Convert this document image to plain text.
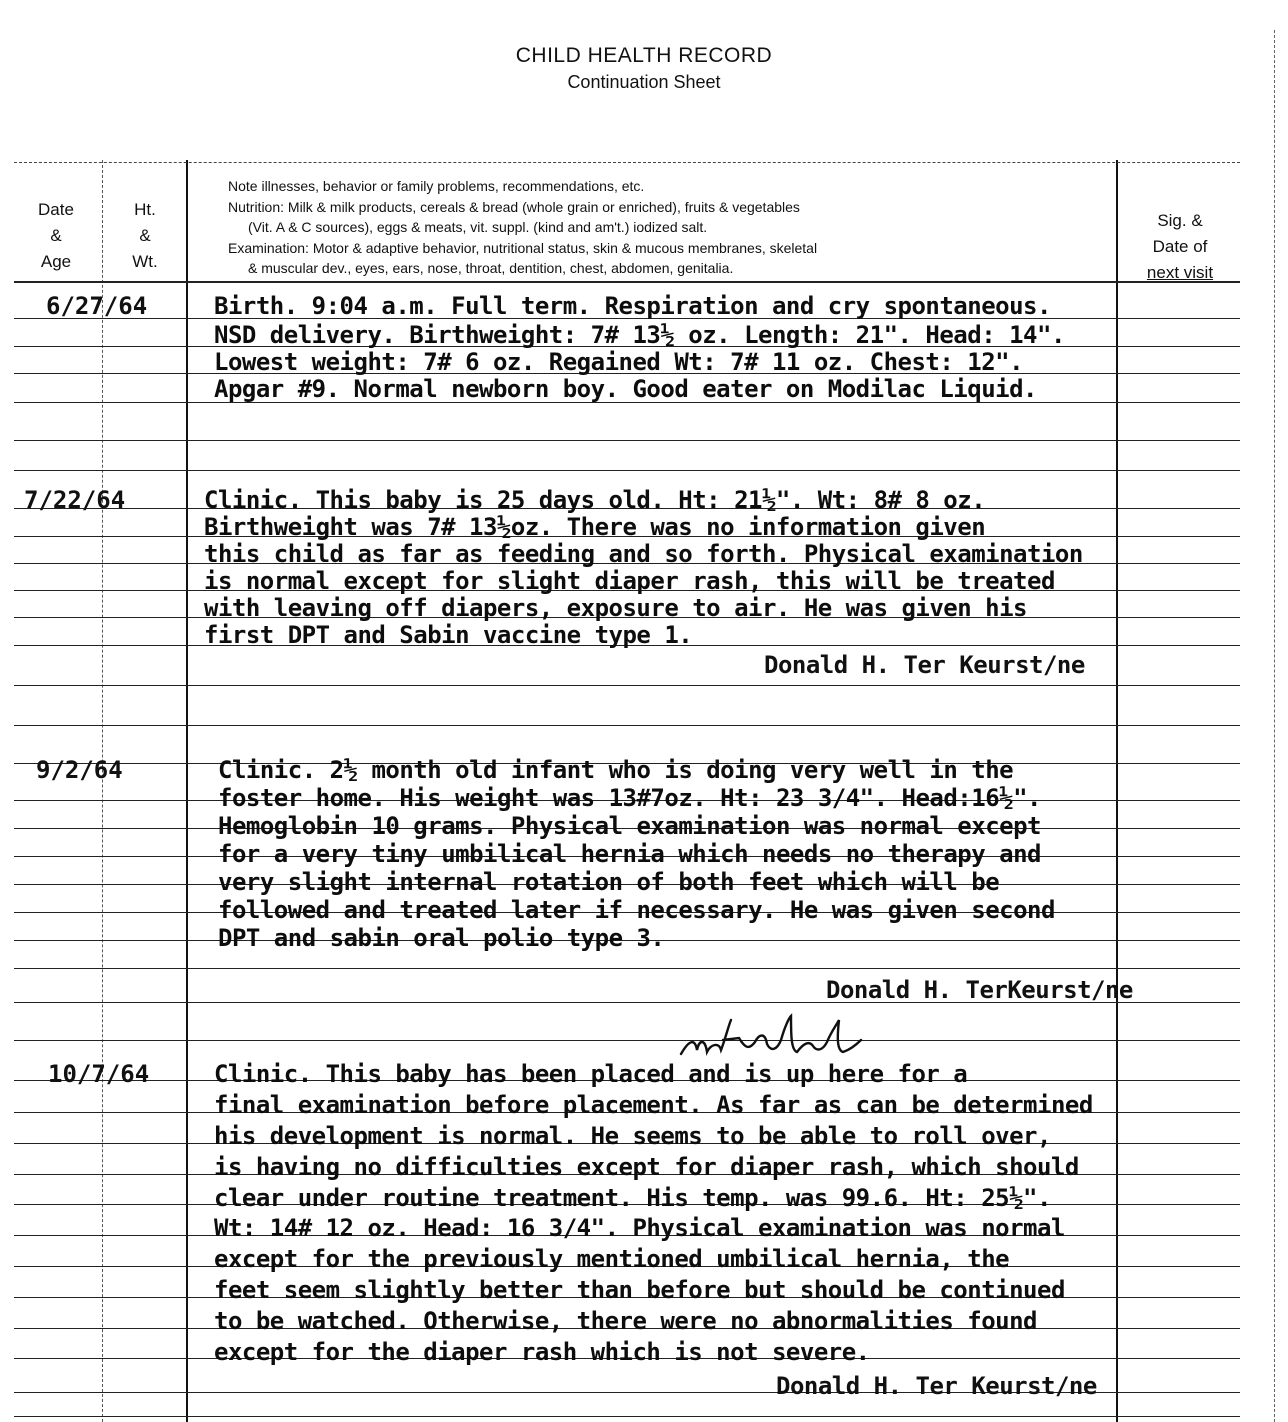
CHILD HEALTH RECORD
Continuation Sheet
Date
&
Age
Ht.
&
Wt.
Note illnesses, behavior or family problems, recommendations, etc.
Nutrition: Milk & milk products, cereals & bread (whole grain or enriched), fruits & vegetables
(Vit. A & C sources), eggs & meats, vit. suppl. (kind and am't.) iodized salt.
Examination: Motor & adaptive behavior, nutritional status, skin & mucous membranes, skeletal
& muscular dev., eyes, ears, nose, throat, dentition, chest, abdomen, genitalia.
Sig. &
Date of
next visit
6/27/64	Birth. 9:04 a.m. Full term. Respiration and cry spontaneous.
NSD delivery. Birthweight: 7# 13½ oz. Length: 21". Head: 14".
Lowest weight: 7# 6 oz. Regained Wt: 7# 11 oz. Chest: 12".
Apgar #9. Normal newborn boy. Good eater on Modilac Liquid.
7/22/64	Clinic. This baby is 25 days old. Ht: 21½". Wt: 8# 8 oz.
Birthweight was 7# 13½oz. There was no information given
this child as far as feeding and so forth. Physical examination
is normal except for slight diaper rash, this will be treated
with leaving off diapers, exposure to air. He was given his
first DPT and Sabin vaccine type 1.
Donald H. Ter Keurst/ne
9/2/64	Clinic. 2½ month old infant who is doing very well in the
foster home. His weight was 13#7oz. Ht: 23 3/4". Head:16½".
Hemoglobin 10 grams. Physical examination was normal except
for a very tiny umbilical hernia which needs no therapy and
very slight internal rotation of both feet which will be
followed and treated later if necessary. He was given second
DPT and sabin oral polio type 3.
Donald H. TerKeurst/ne
10/7/64	Clinic. This baby has been placed and is up here for a
final examination before placement. As far as can be determined
his development is normal. He seems to be able to roll over,
is having no difficulties except for diaper rash, which should
clear under routine treatment. His temp. was 99.6. Ht: 25½".
Wt: 14# 12 oz. Head: 16 3/4". Physical examination was normal
except for the previously mentioned umbilical hernia, the
feet seem slightly better than before but should be continued
to be watched. Otherwise, there were no abnormalities found
except for the diaper rash which is not severe.
Donald H. Ter Keurst/ne
